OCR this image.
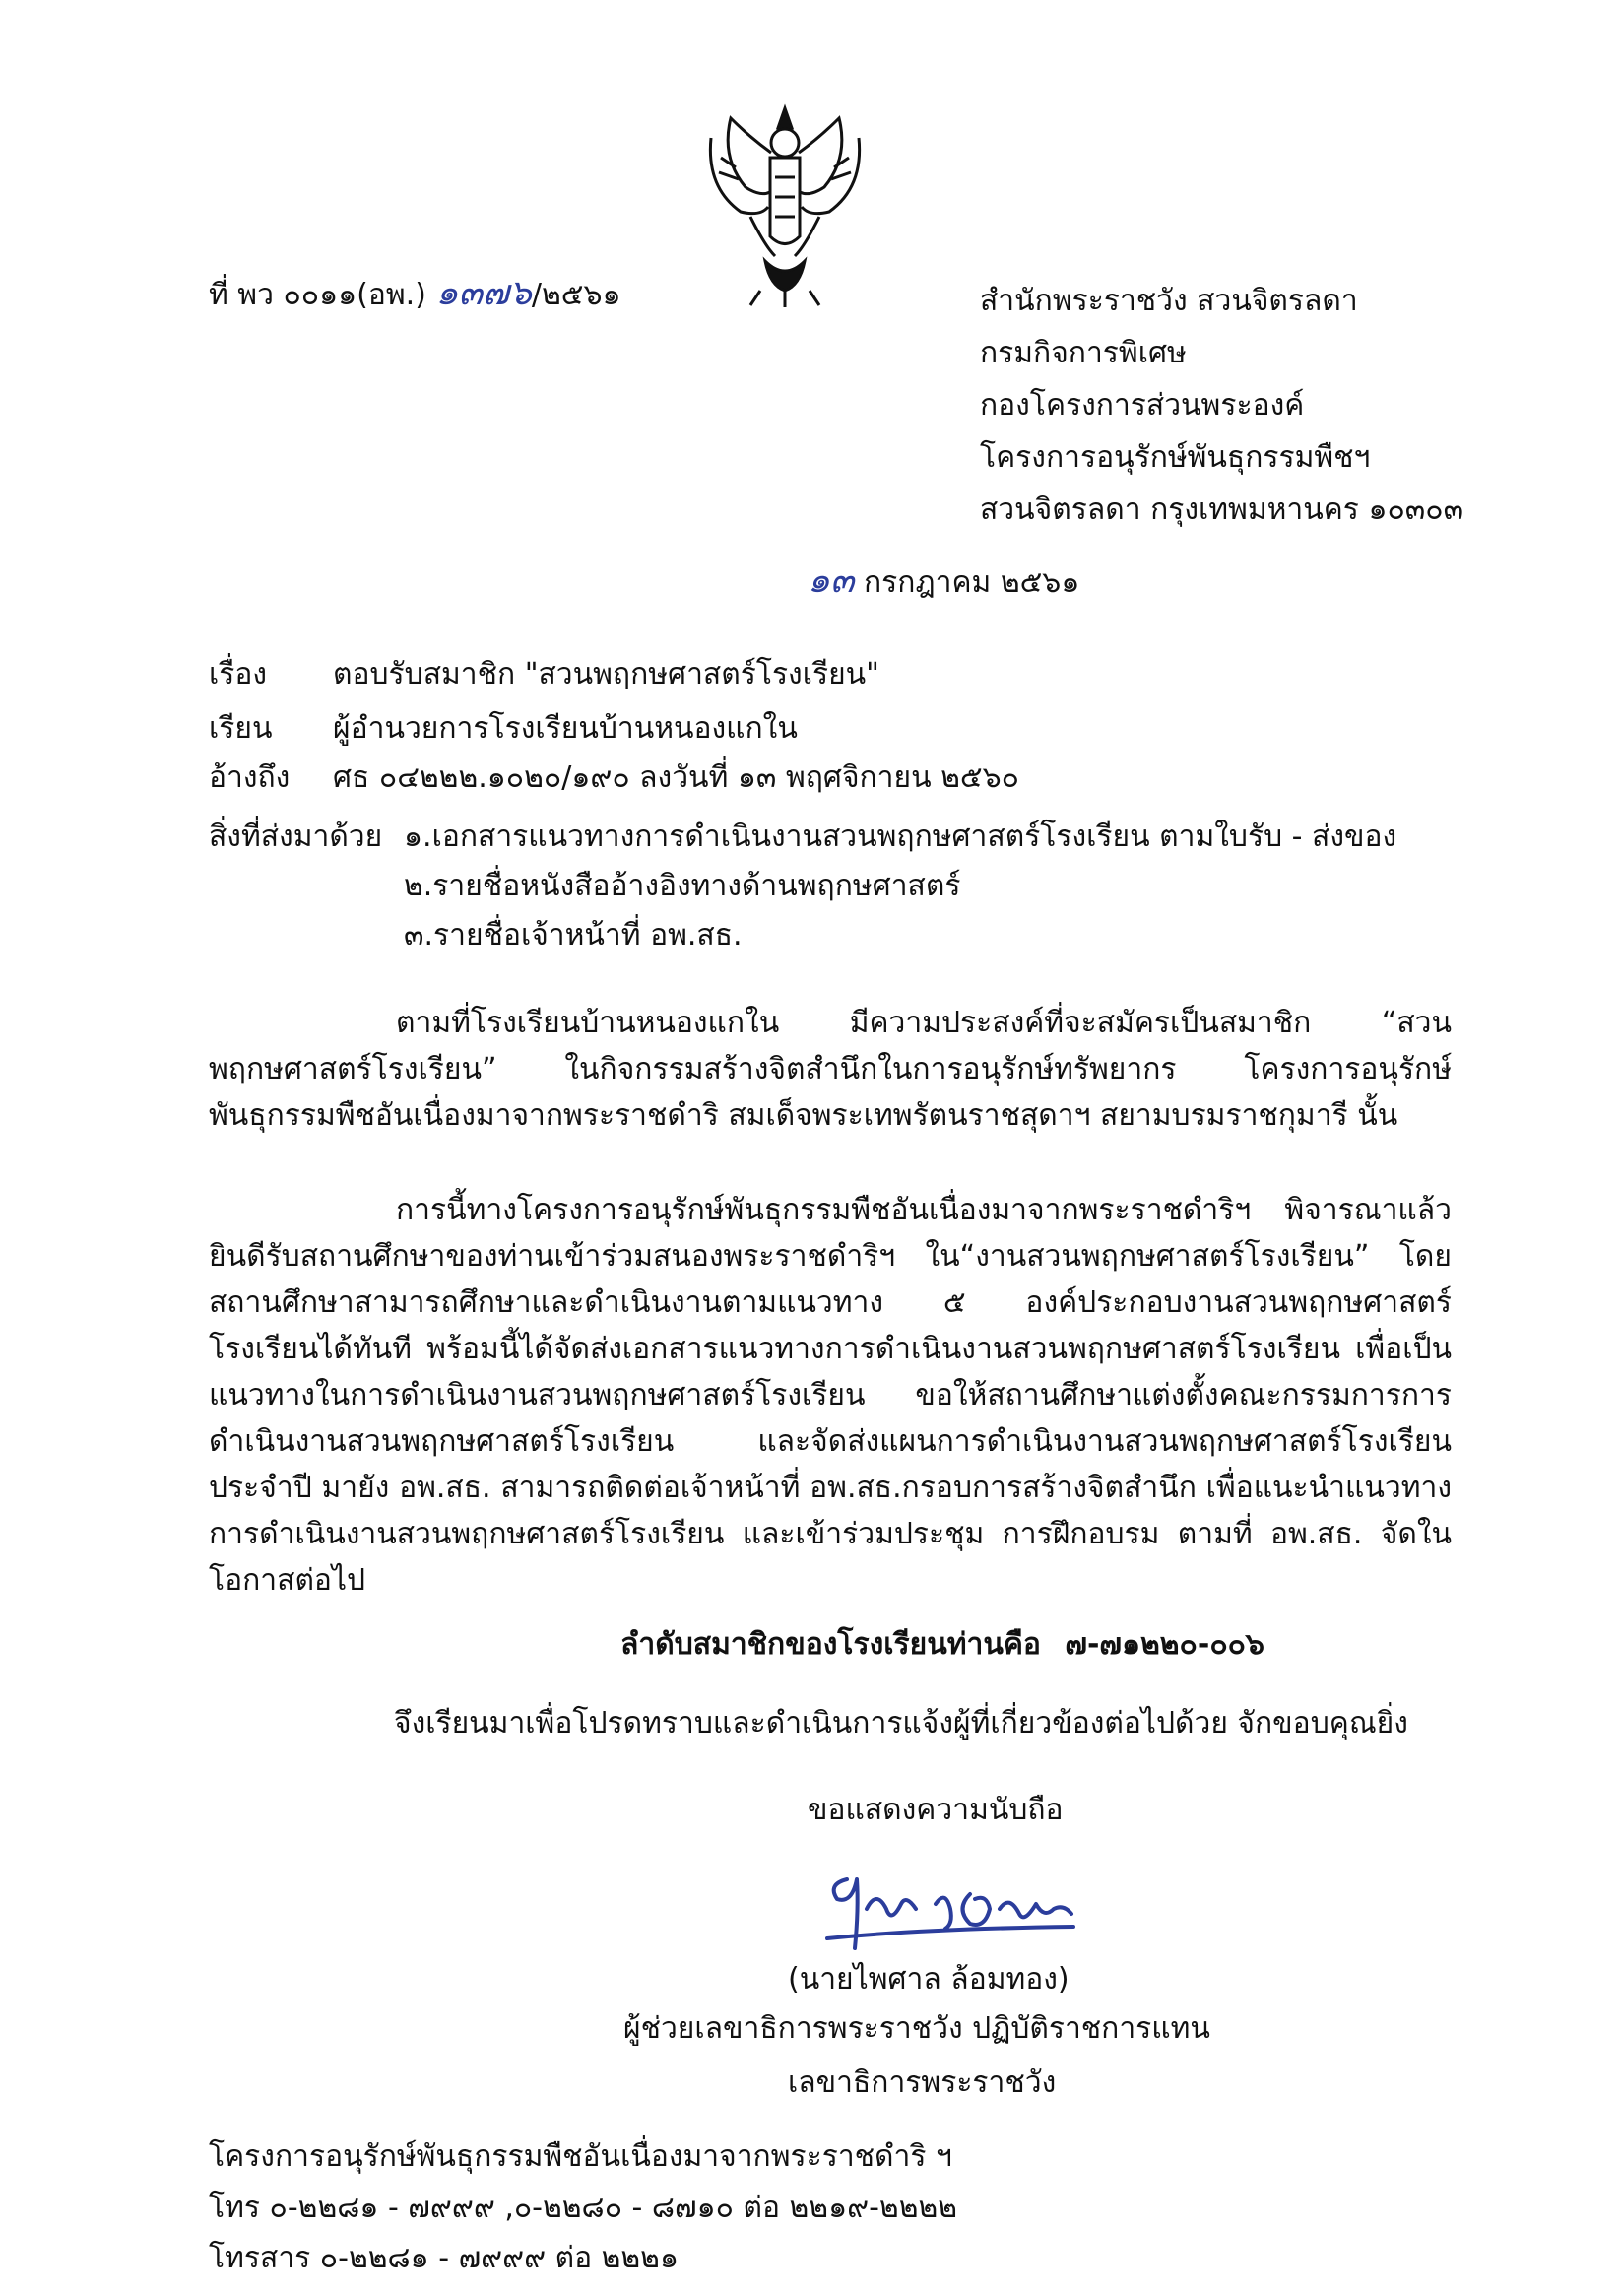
ที่ พว ๐๐๑๑(อพ.) ๑๓๗๖/๒๕๖๑	สำนักพระราชวัง สวนจิตรลดา
กรมกิจการพิเศษ
กองโครงการส่วนพระองค์
โครงการอนุรักษ์พันธุกรรมพืชฯ
สวนจิตรลดา กรุงเทพมหานคร ๑๐๓๐๓
๑๓ กรกฎาคม ๒๕๖๑
เรื่อง ตอบรับสมาชิก "สวนพฤกษศาสตร์โรงเรียน"
เรียน ผู้อำนวยการโรงเรียนบ้านหนองแกใน
อ้างถึง ศธ ๐๔๒๒๒.๑๐๒๐/๑๙๐ ลงวันที่ ๑๓ พฤศจิกายน ๒๕๖๐
สิ่งที่ส่งมาด้วย ๑.เอกสารแนวทางการดำเนินงานสวนพฤกษศาสตร์โรงเรียน ตามใบรับ - ส่งของ
๒.รายชื่อหนังสืออ้างอิงทางด้านพฤกษศาสตร์
๓.รายชื่อเจ้าหน้าที่ อพ.สธ.
ตามที่โรงเรียนบ้านหนองแกใน มีความประสงค์ที่จะสมัครเป็นสมาชิก “สวนพฤกษศาสตร์โรงเรียน” ในกิจกรรมสร้างจิตสำนึกในการอนุรักษ์ทรัพยากร โครงการอนุรักษ์พันธุกรรมพืชอันเนื่องมาจากพระราชดำริ สมเด็จพระเทพรัตนราชสุดาฯ สยามบรมราชกุมารี นั้น
การนี้ทางโครงการอนุรักษ์พันธุกรรมพืชอันเนื่องมาจากพระราชดำริฯ พิจารณาแล้ว ยินดีรับสถานศึกษาของท่านเข้าร่วมสนองพระราชดำริฯ ใน“งานสวนพฤกษศาสตร์โรงเรียน” โดยสถานศึกษาสามารถศึกษาและดำเนินงานตามแนวทาง ๕ องค์ประกอบงานสวนพฤกษศาสตร์โรงเรียนได้ทันที พร้อมนี้ได้จัดส่งเอกสารแนวทางการดำเนินงานสวนพฤกษศาสตร์โรงเรียน เพื่อเป็นแนวทางในการดำเนินงานสวนพฤกษศาสตร์โรงเรียน ขอให้สถานศึกษาแต่งตั้งคณะกรรมการการดำเนินงานสวนพฤกษศาสตร์โรงเรียน และจัดส่งแผนการดำเนินงานสวนพฤกษศาสตร์โรงเรียนประจำปี มายัง อพ.สธ. สามารถติดต่อเจ้าหน้าที่ อพ.สธ.กรอบการสร้างจิตสำนึก เพื่อแนะนำแนวทางการดำเนินงานสวนพฤกษศาสตร์โรงเรียน และเข้าร่วมประชุม การฝึกอบรม ตามที่ อพ.สธ. จัดในโอกาสต่อไป
ลำดับสมาชิกของโรงเรียนท่านคือ ๗-๗๑๒๒๐-๐๐๖
จึงเรียนมาเพื่อโปรดทราบและดำเนินการแจ้งผู้ที่เกี่ยวข้องต่อไปด้วย จักขอบคุณยิ่ง
ขอแสดงความนับถือ
(นายไพศาล ล้อมทอง)
ผู้ช่วยเลขาธิการพระราชวัง ปฏิบัติราชการแทน
เลขาธิการพระราชวัง
โครงการอนุรักษ์พันธุกรรมพืชอันเนื่องมาจากพระราชดำริ ฯ
โทร ๐-๒๒๘๑ - ๗๙๙๙ ,๐-๒๒๘๐ - ๘๗๑๐ ต่อ ๒๒๑๙-๒๒๒๒
โทรสาร ๐-๒๒๘๑ - ๗๙๙๙ ต่อ ๒๒๒๑
